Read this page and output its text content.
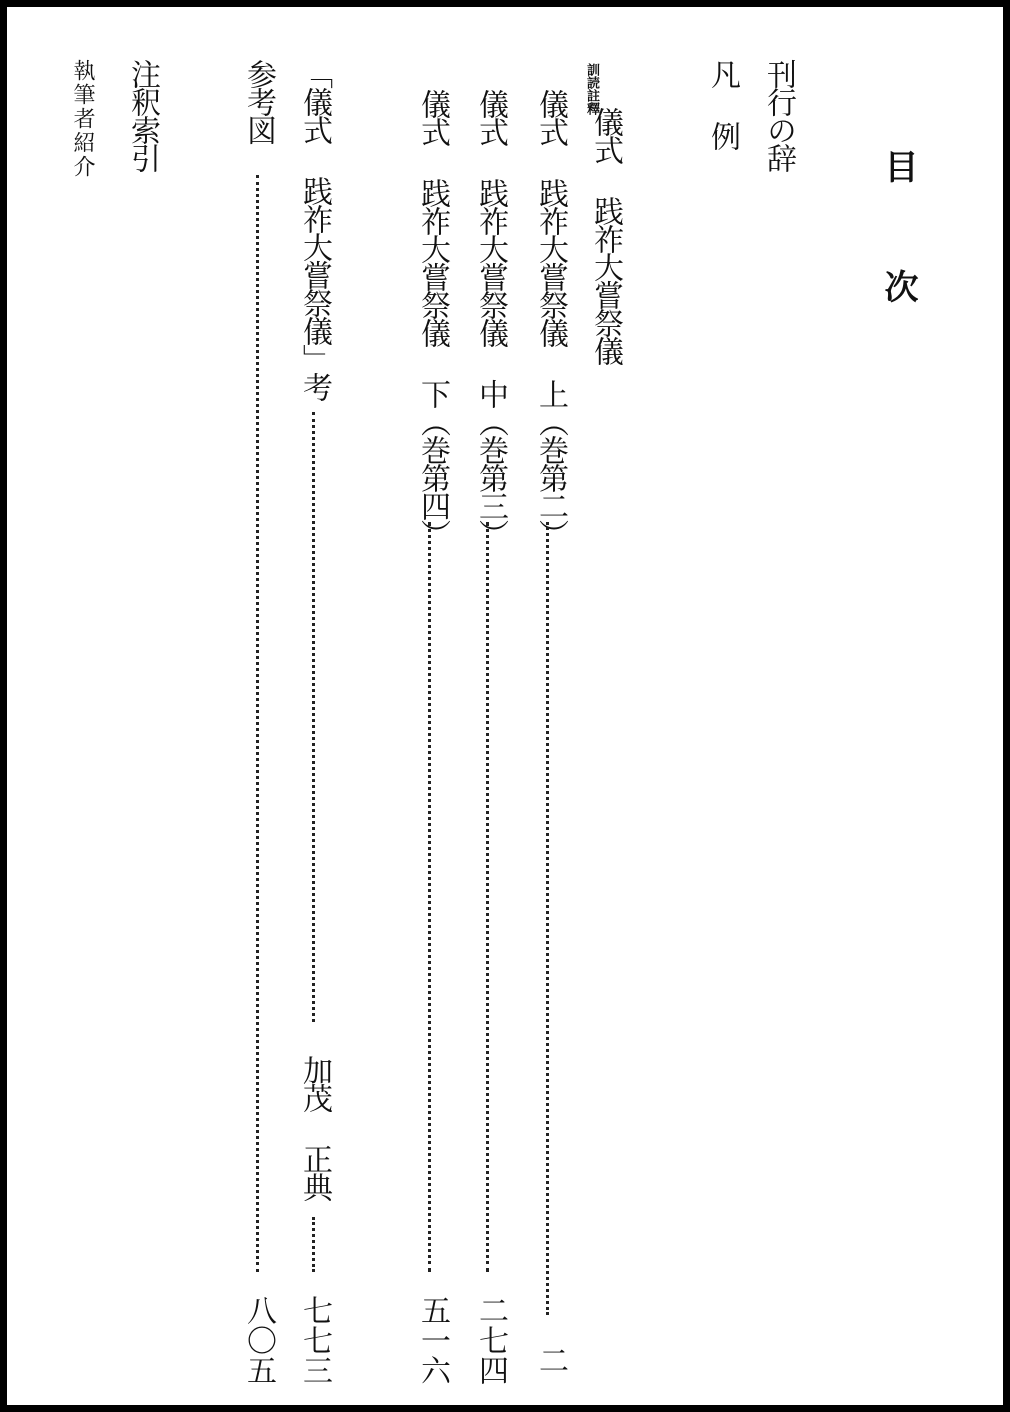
目次
刊行の辞
凡例
訓読註釋
儀式 践祚大嘗祭儀
儀式 践祚大嘗祭儀 上（巻第二）
二
儀式 践祚大嘗祭儀 中（巻第三）
二七四
儀式 践祚大嘗祭儀 下（巻第四）
五一六
「儀式 践祚大嘗祭儀」考
加茂 正典
七七三
参考図
八〇五
注釈索引
執筆者紹介
